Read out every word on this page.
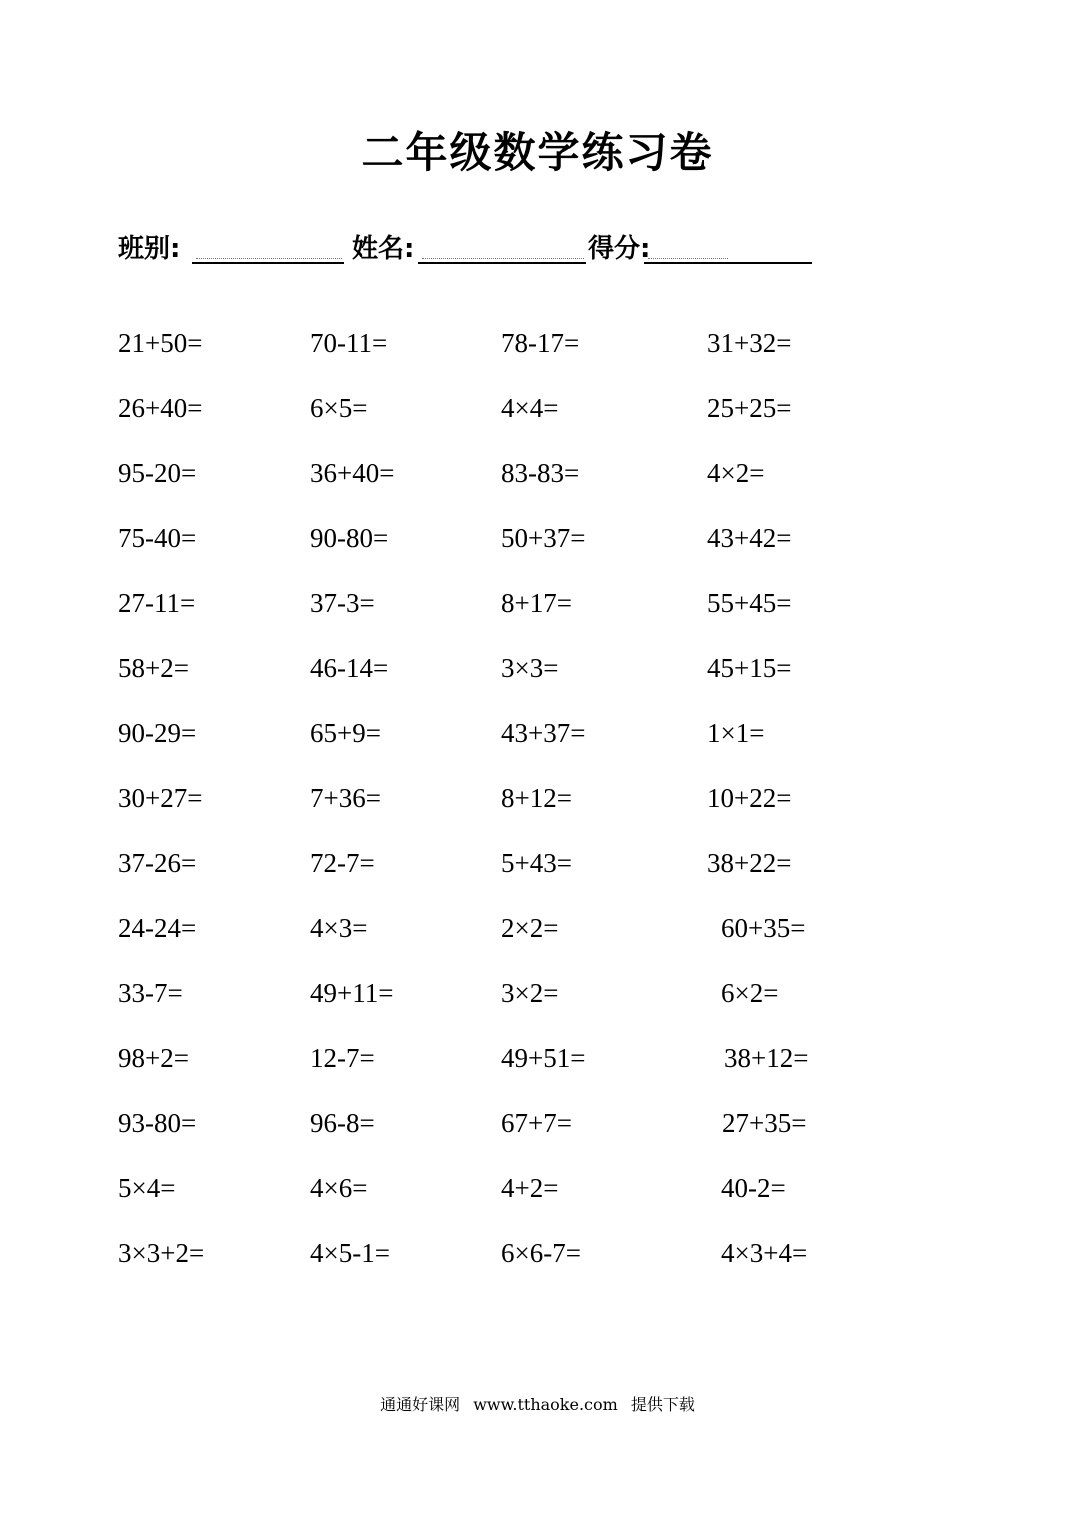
二年级数学练习卷
班别:	姓名:	得分:
21+50=	70-11=	78-17=	31+32=
26+40=	6×5=	4×4=	25+25=
95-20=	36+40=	83-83=	4×2=
75-40=	90-80=	50+37=	43+42=
27-11=	37-3=	8+17=	55+45=
58+2=	46-14=	3×3=	45+15=
90-29=	65+9=	43+37=	1×1=
30+27=	7+36=	8+12=	10+22=
37-26=	72-7=	5+43=	38+22=
24-24=	4×3=	2×2=	60+35=
33-7=	49+11=	3×2=	6×2=
98+2=	12-7=	49+51=	38+12=
93-80=	96-8=	67+7=	27+35=
5×4=	4×6=	4+2=	40-2=
3×3+2=	4×5-1=	6×6-7=	4×3+4=
通通好课网 www.tthaoke.com 提供下载
